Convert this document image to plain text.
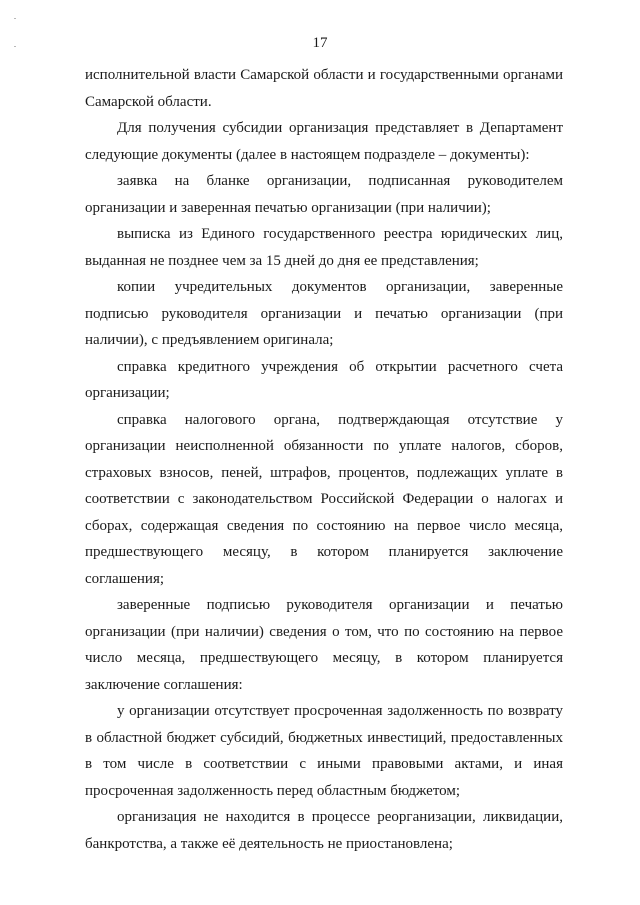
17

исполнительной власти Самарской области и государственными органами Самарской области.

Для получения субсидии организация представляет в Департамент следующие документы (далее в настоящем подразделе – документы):

заявка на бланке организации, подписанная руководителем организации и заверенная печатью организации (при наличии);

выписка из Единого государственного реестра юридических лиц, выданная не позднее чем за 15 дней до дня ее представления;

копии учредительных документов организации, заверенные подписью руководителя организации и печатью организации (при наличии), с предъявлением оригинала;

справка кредитного учреждения об открытии расчетного счета организации;

справка налогового органа, подтверждающая отсутствие у организации неисполненной обязанности по уплате налогов, сборов, страховых взносов, пеней, штрафов, процентов, подлежащих уплате в соответствии с законодательством Российской Федерации о налогах и сборах, содержащая сведения по состоянию на первое число месяца, предшествующего месяцу, в котором планируется заключение соглашения;

заверенные подписью руководителя организации и печатью организации (при наличии) сведения о том, что по состоянию на первое число месяца, предшествующего месяцу, в котором планируется заключение соглашения:

у организации отсутствует просроченная задолженность по возврату в областной бюджет субсидий, бюджетных инвестиций, предоставленных в том числе в соответствии с иными правовыми актами, и иная просроченная задолженность перед областным бюджетом;

организация не находится в процессе реорганизации, ликвидации, банкротства, а также её деятельность не приостановлена;
